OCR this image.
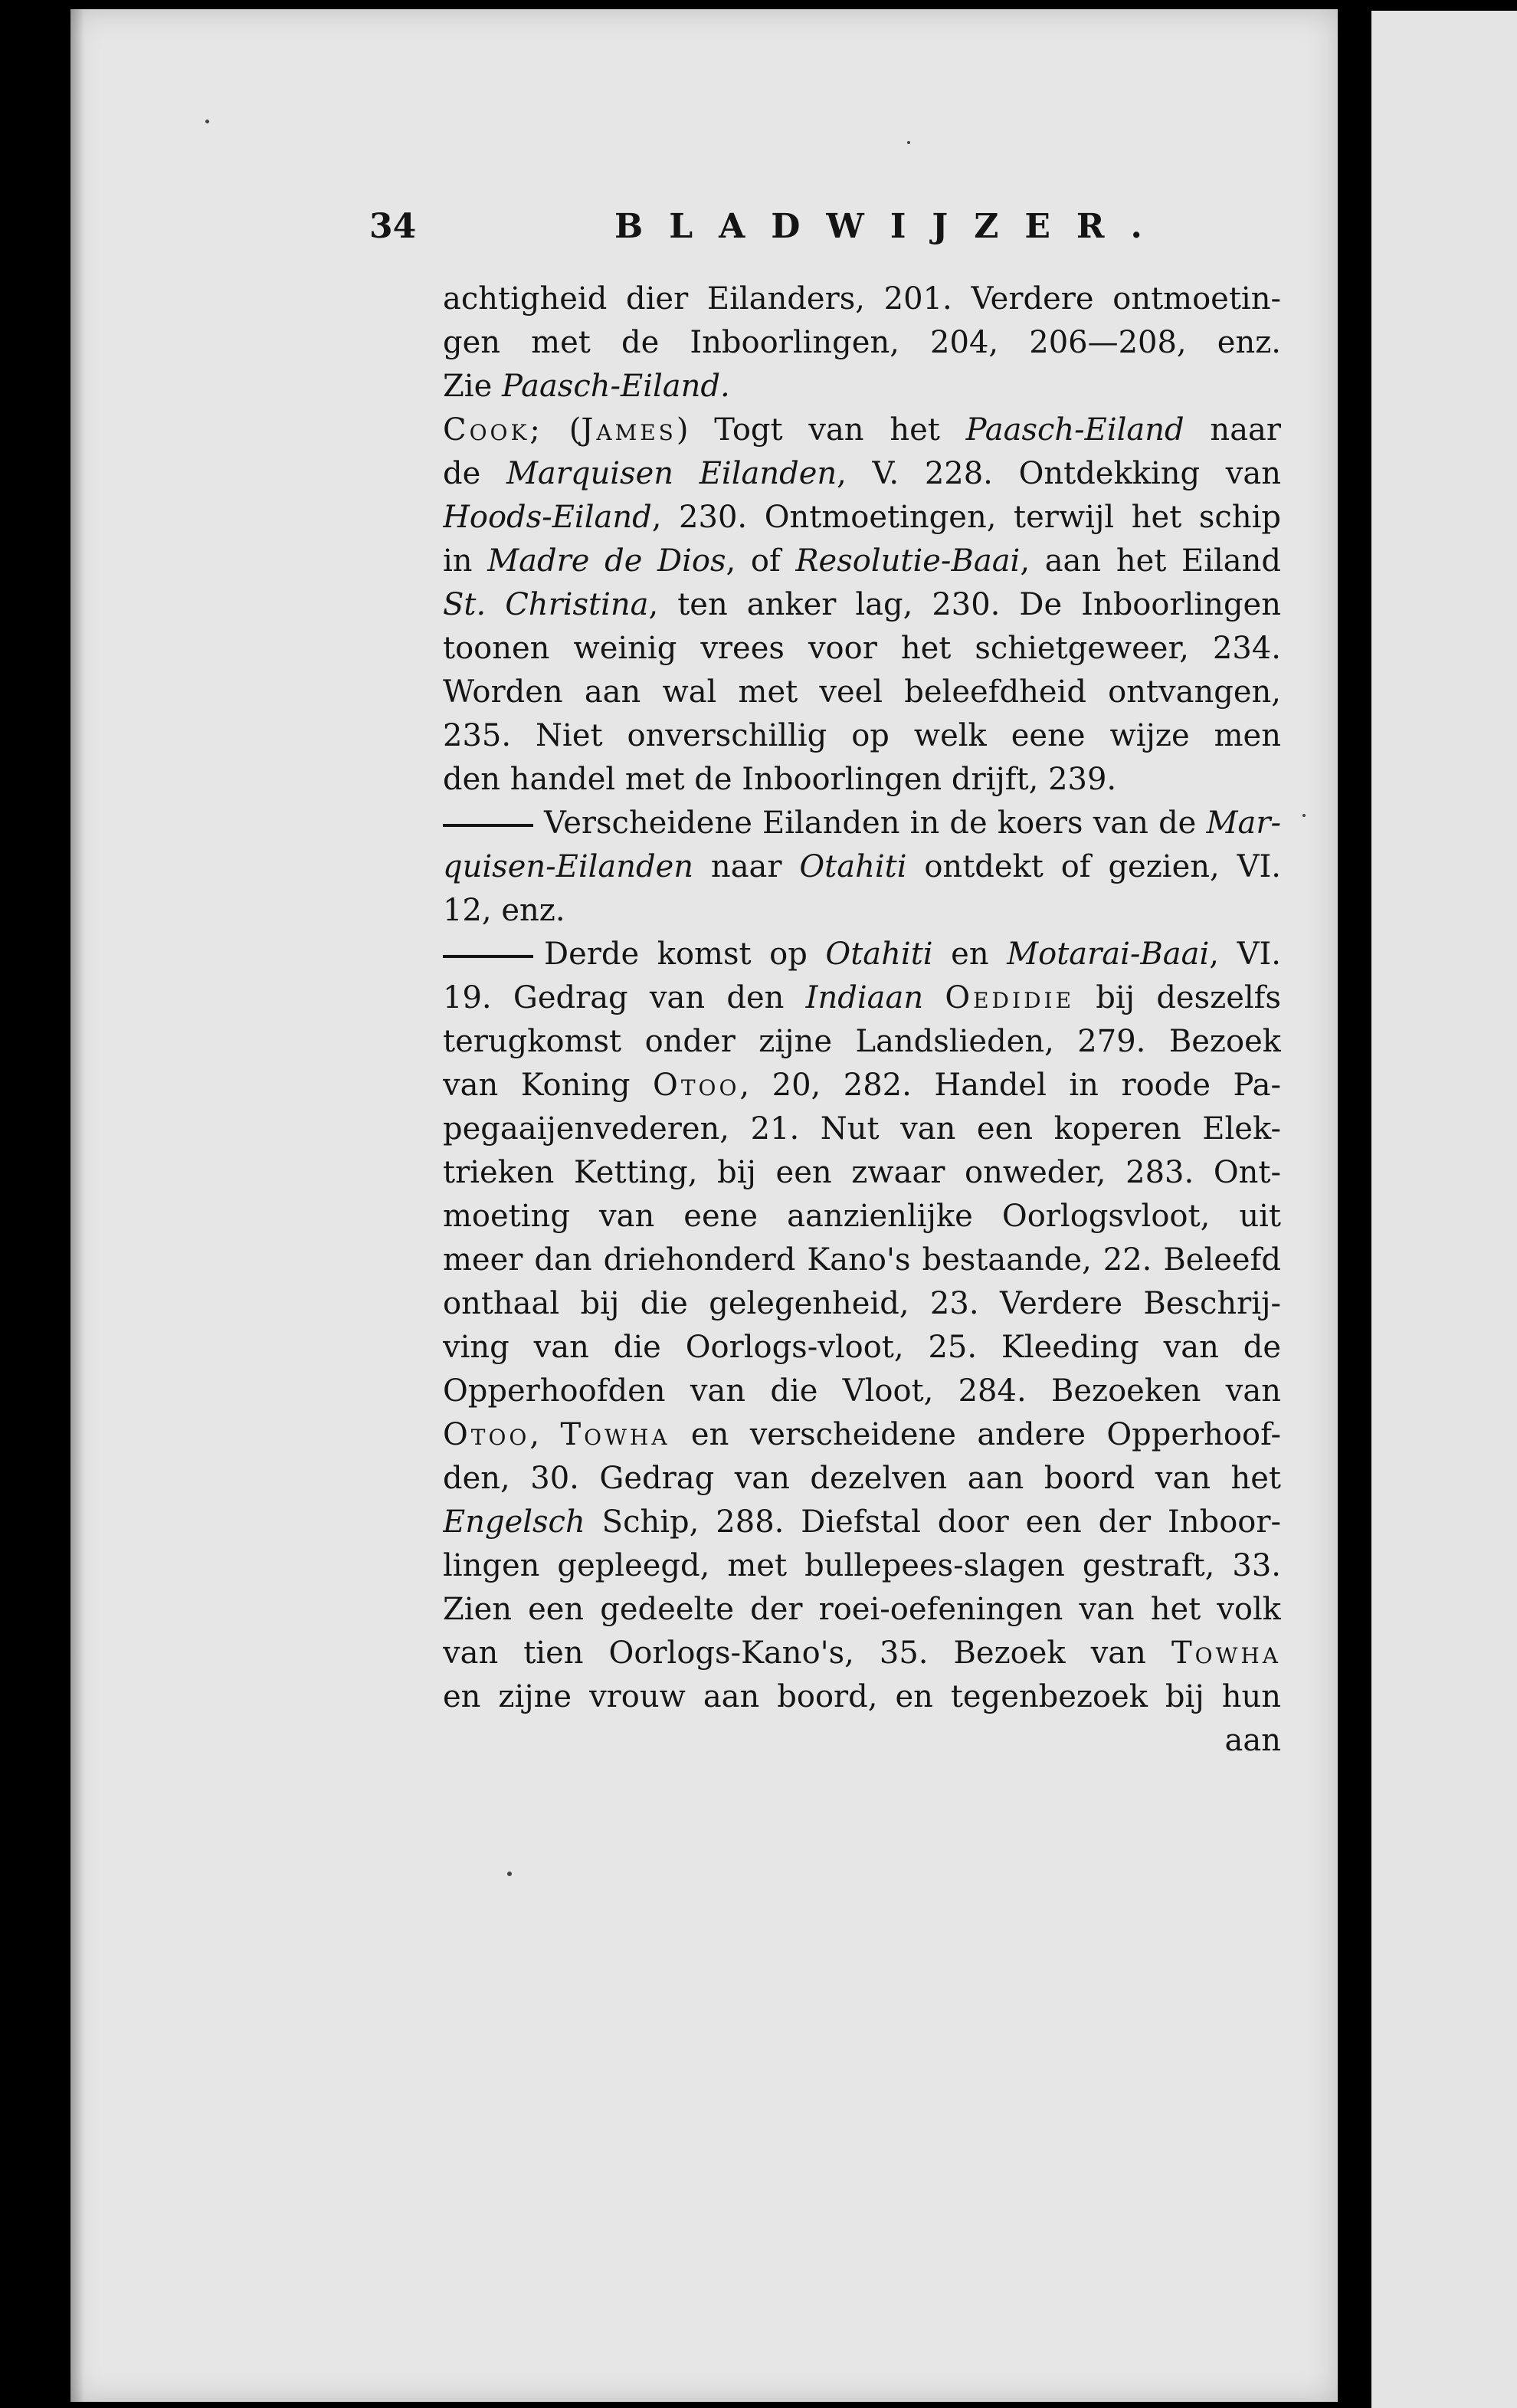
34	BLADWIJZER.
achtigheid dier Eilanders, 201. Verdere ontmoetin-
gen met de Inboorlingen, 204, 206—208, enz.
Zie Paasch-Eiland.
Cook; (James) Togt van het Paasch-Eiland naar
de Marquisen Eilanden, V. 228. Ontdekking van
Hoods-Eiland, 230. Ontmoetingen, terwijl het schip
in Madre de Dios, of Resolutie-Baai, aan het Eiland
St. Christina, ten anker lag, 230. De Inboorlingen
toonen weinig vrees voor het schietgeweer, 234.
Worden aan wal met veel beleefdheid ontvangen,
235. Niet onverschillig op welk eene wijze men
den handel met de Inboorlingen drijft, 239.
Verscheidene Eilanden in de koers van de Mar-
quisen-Eilanden naar Otahiti ontdekt of gezien, VI.
12, enz.
Derde komst op Otahiti en Motarai-Baai, VI.
19. Gedrag van den Indiaan Oedidie bij deszelfs
terugkomst onder zijne Landslieden, 279. Bezoek
van Koning Otoo, 20, 282. Handel in roode Pa-
pegaaijenvederen, 21. Nut van een koperen Elek-
trieken Ketting, bij een zwaar onweder, 283. Ont-
moeting van eene aanzienlijke Oorlogsvloot, uit
meer dan driehonderd Kano's bestaande, 22. Beleefd
onthaal bij die gelegenheid, 23. Verdere Beschrij-
ving van die Oorlogs-vloot, 25. Kleeding van de
Opperhoofden van die Vloot, 284. Bezoeken van
Otoo, Towha en verscheidene andere Opperhoof-
den, 30. Gedrag van dezelven aan boord van het
Engelsch Schip, 288. Diefstal door een der Inboor-
lingen gepleegd, met bullepees-slagen gestraft, 33.
Zien een gedeelte der roei-oefeningen van het volk
van tien Oorlogs-Kano's, 35. Bezoek van Towha
en zijne vrouw aan boord, en tegenbezoek bij hun
aan
